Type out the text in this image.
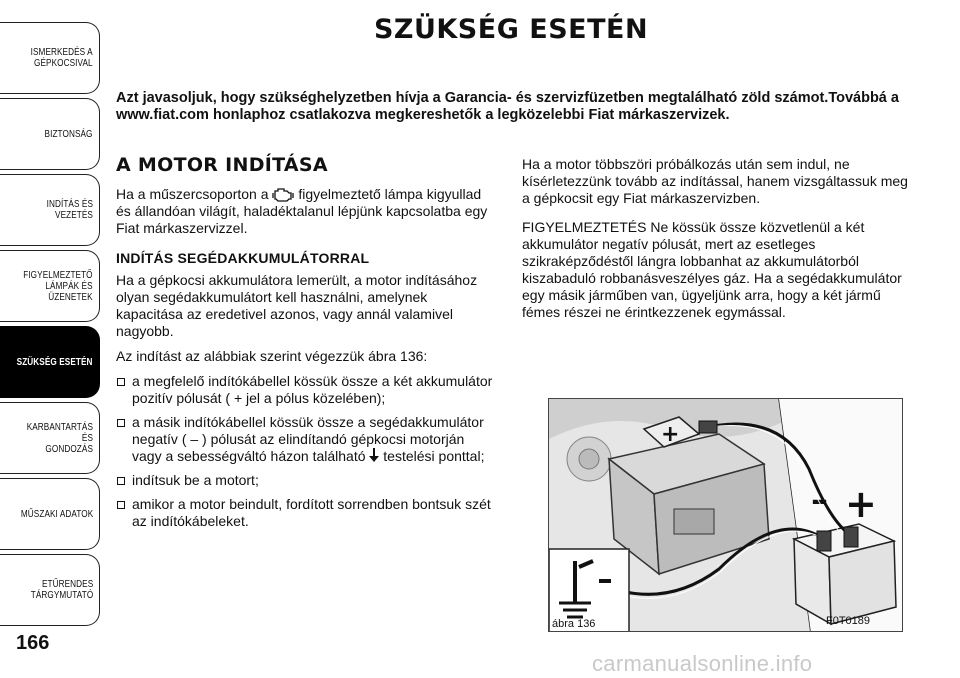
ISMERKEDÉS A
GÉPKOCSIVAL
BIZTONSÁG
INDÍTÁS ÉS VEZETÉS
FIGYELMEZTETŐ
LÁMPÁK ÉS
ÜZENETEK
SZÜKSÉG ESETÉN
KARBANTARTÁS ÉS
GONDOZÁS
MŰSZAKI ADATOK
ETŰRENDES
TÁRGYMUTATÓ
166
SZÜKSÉG ESETÉN

Azt javasoljuk, hogy szükséghelyzetben hívja a Garancia- és szervizfüzetben megtalálható zöld számot.Továbbá a www.fiat.com honlaphoz csatlakozva megkereshetők a legközelebbi Fiat márkaszervizek.

A MOTOR INDÍTÁSA

Ha a műszercsoporton a figyelmeztető lámpa kigyullad és állandóan világít, haladéktalanul lépjünk kapcsolatba egy Fiat márkaszervizzel.

INDÍTÁS SEGÉDAKKUMULÁTORRAL

Ha a gépkocsi akkumulátora lemerült, a motor indításához olyan segédakkumulátort kell használni, amelynek kapacitása az eredetivel azonos, vagy annál valamivel nagyobb.

Az indítást az alábbiak szerint végezzük ábra 136:

a megfelelő indítókábellel kössük össze a két akkumulátor pozitív pólusát ( + jel a pólus közelében);
a másik indítókábellel kössük össze a segédakkumulátor negatív ( – ) pólusát az elindítandó gépkocsi motorján vagy a sebességváltó házon található testelési ponttal;
indítsuk be a motort;
amikor a motor beindult, fordított sorrendben bontsuk szét az indítókábeleket.

Ha a motor többszöri próbálkozás után sem indul, ne kísérletezzünk tovább az indítással, hanem vizsgáltassuk meg a gépkocsit egy Fiat márkaszervizben.

FIGYELMEZTETÉS Ne kössük össze közvetlenül a két akkumulátor negatív pólusát, mert az esetleges szikraképződéstől lángra lobbanhat az akkumulátorból kiszabaduló robbanásveszélyes gáz. Ha a segédakkumulátor egy másik járműben van, ügyeljünk arra, hogy a két jármű fémes részei ne érintkezzenek egymással.

+
+
–
ábra 136	F0T0189
carmanualsonline.info
